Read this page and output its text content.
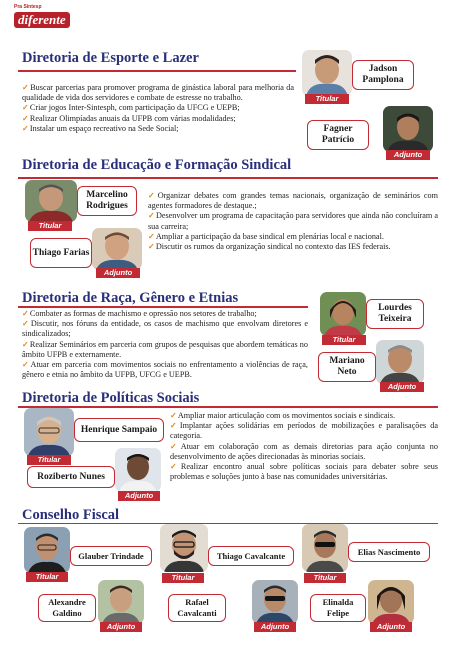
Pra Sintesp
diferente
Diretoria de Esporte e Lazer

✓Buscar parcerias para promover programa de ginástica laboral para melhoria da qualidade de vida dos servidores e combate de estresse no trabalho.

✓Criar jogos Inter-Sintesph, com participação da UFCG e UEPB;

✓Realizar Olimpíadas anuais da UFPB com várias modalidades;

✓Instalar um espaço recreativo na Sede Social;

Jadson Pamplona
Titular
Fagner Patrício
Adjunto
Diretoria de Educação e Formação Sindical
Marcelino Rodrigues
Titular
Thiago Farias
Adjunto

✓Organizar debates com grandes temas nacionais, organização de seminários com agentes formadores de destaque.;

✓Desenvolver um programa de capacitação para servidores que ainda não concluíram a sua carreira;

✓Ampliar a participação da base sindical em plenárias local e nacional.

✓Discutir os rumos da organização sindical no contexto das IES federais.

Diretoria de Raça, Gênero e Etnias

✓Combater as formas de machismo e opressão nos setores de trabalho;

✓Discutir, nos fóruns da entidade, os casos de machismo que envolvam diretores e sindicalizados;

✓Realizar Seminários em parceria com grupos de pesquisas que abordem temáticas no âmbito UFPB e externamente.

✓Atuar em parceria com movimentos sociais no enfrentamento a violências de raça, gênero e etnia no âmbito da UFPB, UFCG e UEPB.

Lourdes Teixeira
Titular
Mariano Neto
Adjunto
Diretoria de Políticas Sociais
Henrique Sampaio
Titular
Roziberto Nunes
Adjunto

✓Ampliar maior articulação com os movimentos sociais e sindicais.

✓Implantar ações solidárias em períodos de mobilizações e paralisações da categoria.

✓Atuar em colaboração com as demais diretorias para ação conjunta no desenvolvimento de ações direcionadas às minorias sociais.

✓Realizar encontro anual sobre políticas sociais para debater sobre seus problemas e soluções junto à base nas comunidades universitárias.

Conselho Fiscal
Glauber Trindade
Titular
Thiago Cavalcante
Titular
Elias Nascimento
Titular
Alexandre Galdino
Adjunto
Rafael Cavalcanti
Adjunto
Elinalda Felipe
Adjunto
